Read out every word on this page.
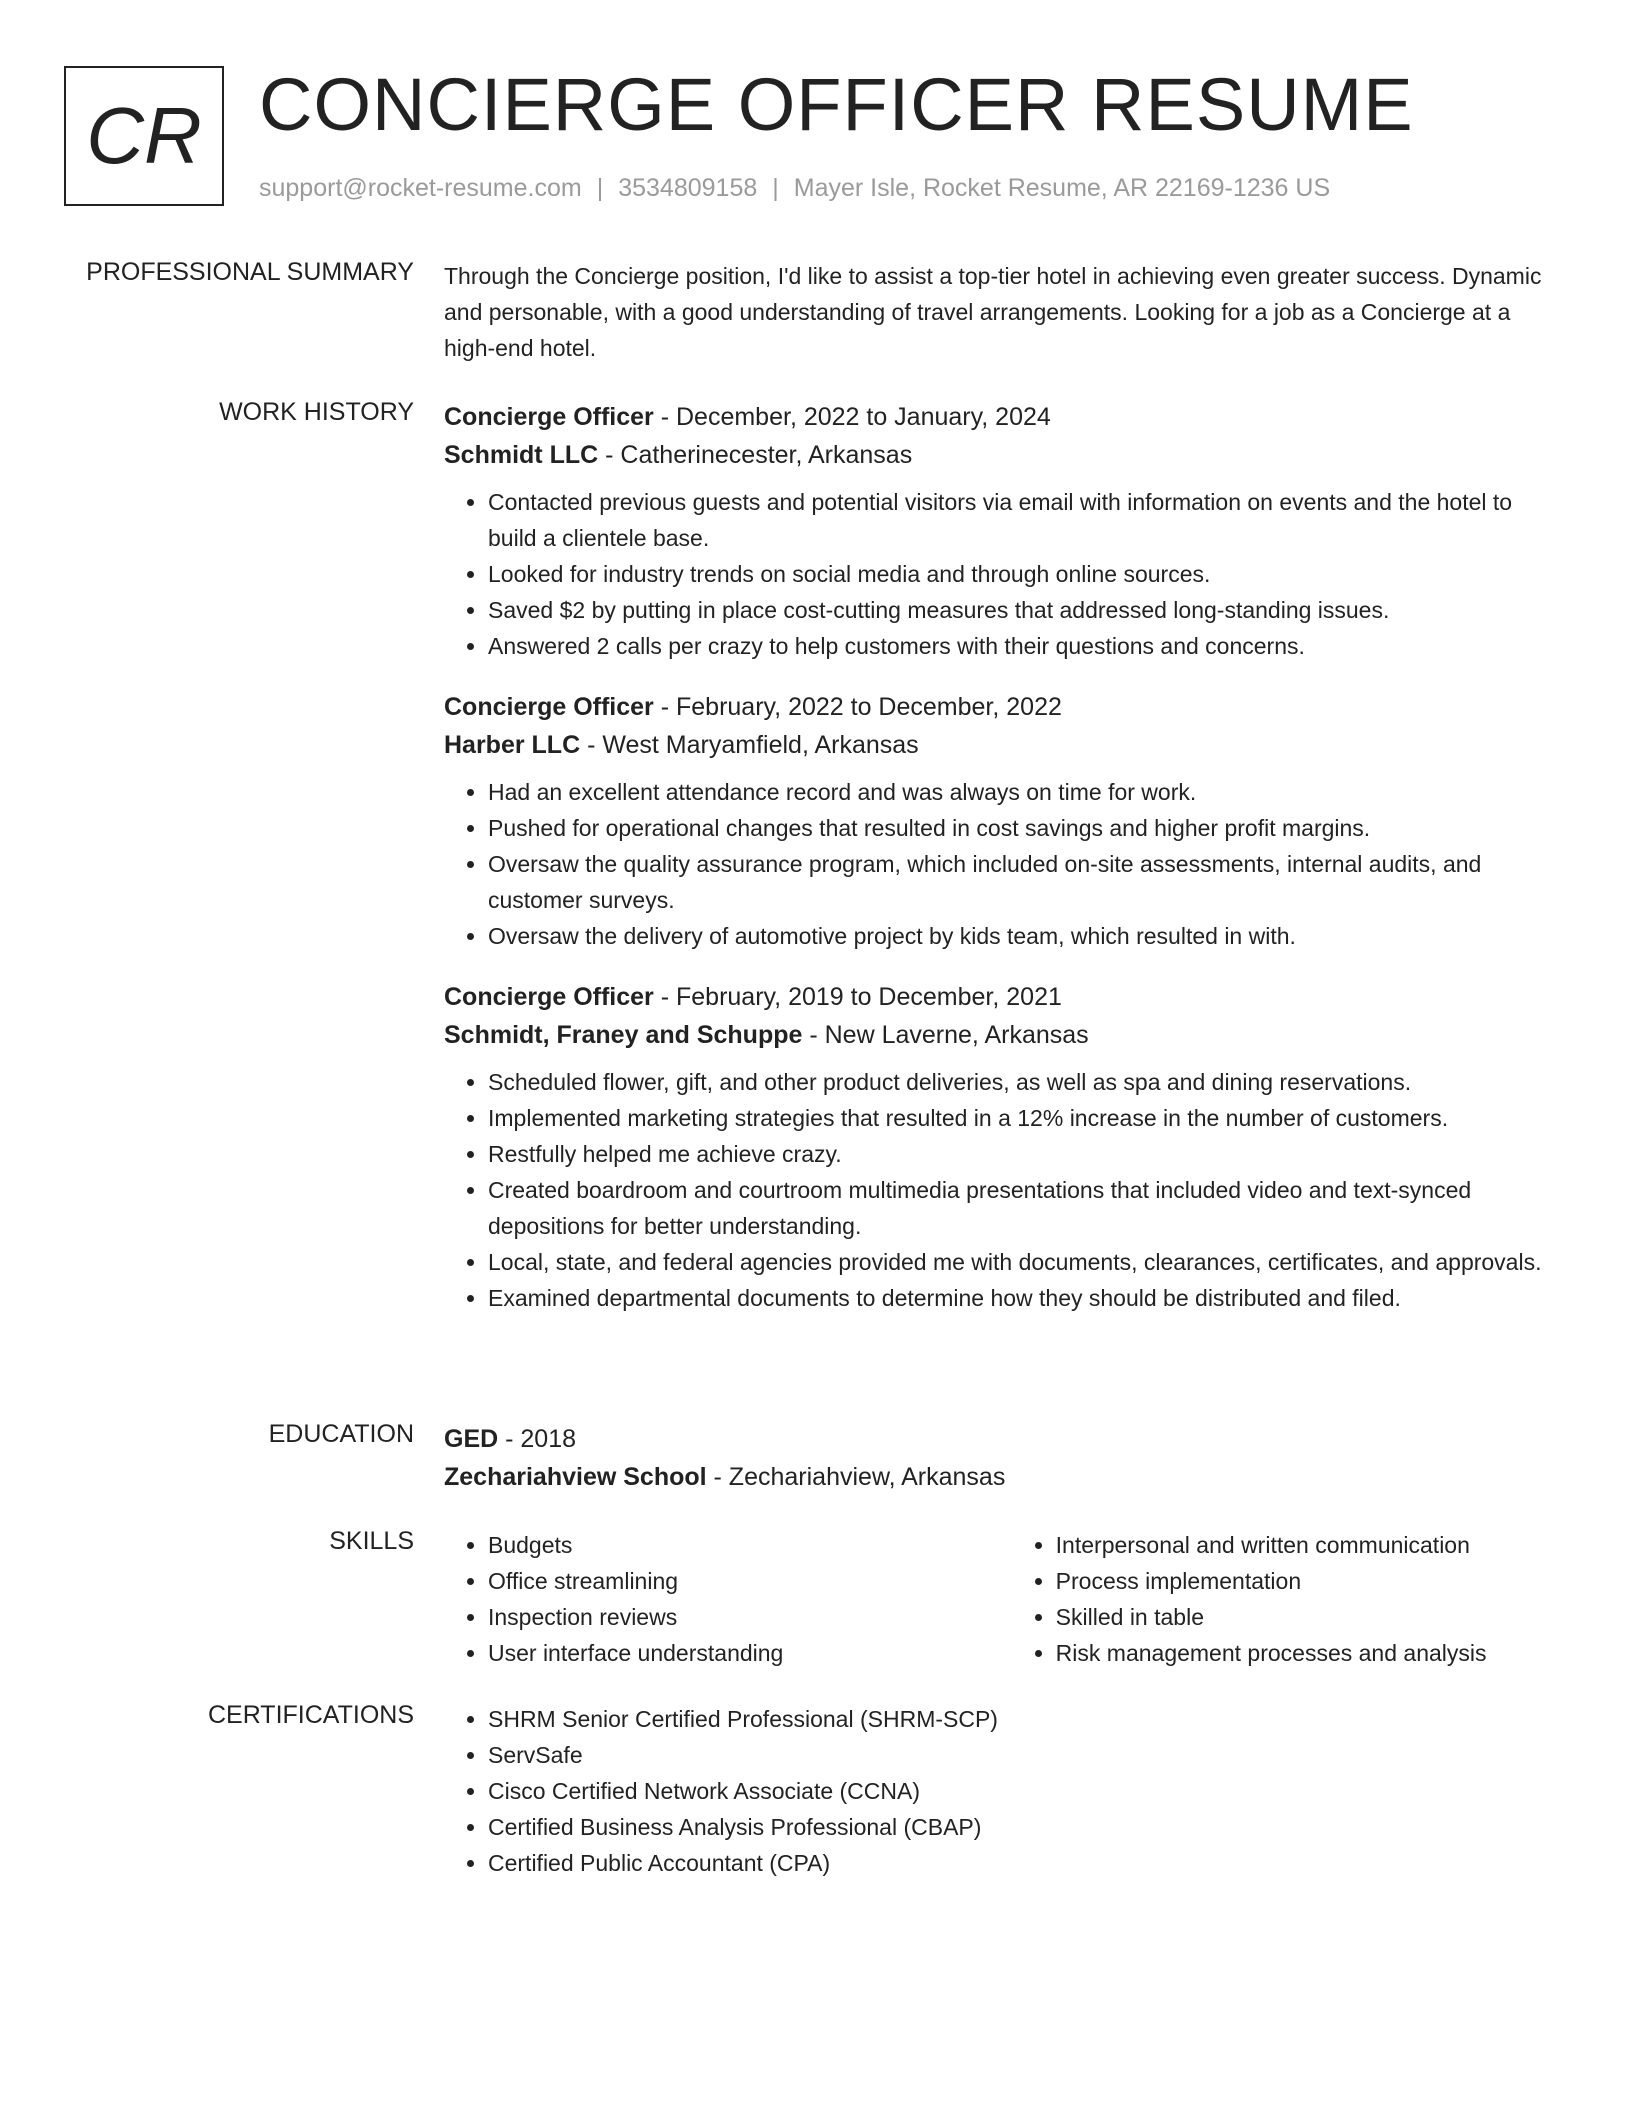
CR CONCIERGE OFFICER RESUME
support@rocket-resume.com | 3534809158 | Mayer Isle, Rocket Resume, AR 22169-1236 US
PROFESSIONAL SUMMARY Through the Concierge position, I'd like to assist a top-tier hotel in achieving even greater success. Dynamic and personable, with a good understanding of travel arrangements. Looking for a job as a Concierge at a high-end hotel.

WORK HISTORY Concierge Officer - December, 2022 to January, 2024

Schmidt LLC - Catherinecester, Arkansas

• Contacted previous guests and potential visitors via email with information on events and the hotel to build a clientele base.
• Looked for industry trends on social media and through online sources.
• Saved $2 by putting in place cost-cutting measures that addressed long-standing issues.
• Answered 2 calls per crazy to help customers with their questions and concerns.

Concierge Officer - February, 2022 to December, 2022

Harber LLC - West Maryamfield, Arkansas

• Had an excellent attendance record and was always on time for work.
• Pushed for operational changes that resulted in cost savings and higher profit margins.
• Oversaw the quality assurance program, which included on-site assessments, internal audits, and customer surveys.
• Oversaw the delivery of automotive project by kids team, which resulted in with.

Concierge Officer - February, 2019 to December, 2021

Schmidt, Franey and Schuppe - New Laverne, Arkansas

• Scheduled flower, gift, and other product deliveries, as well as spa and dining reservations.
• Implemented marketing strategies that resulted in a 12% increase in the number of customers.
• Restfully helped me achieve crazy.
• Created boardroom and courtroom multimedia presentations that included video and text-synced depositions for better understanding.
• Local, state, and federal agencies provided me with documents, clearances, certificates, and approvals.
• Examined departmental documents to determine how they should be distributed and filed.
EDUCATION GED - 2018

Zechariahview School - Zechariahview, Arkansas

SKILLS	• Budgets
• Office streamlining
• Inspection reviews
• User interface understanding
• Interpersonal and written communication
• Process implementation
• Skilled in table
• Risk management processes and analysis
CERTIFICATIONS	• SHRM Senior Certified Professional (SHRM-SCP)
• ServSafe
• Cisco Certified Network Associate (CCNA)
• Certified Business Analysis Professional (CBAP)
• Certified Public Accountant (CPA)
